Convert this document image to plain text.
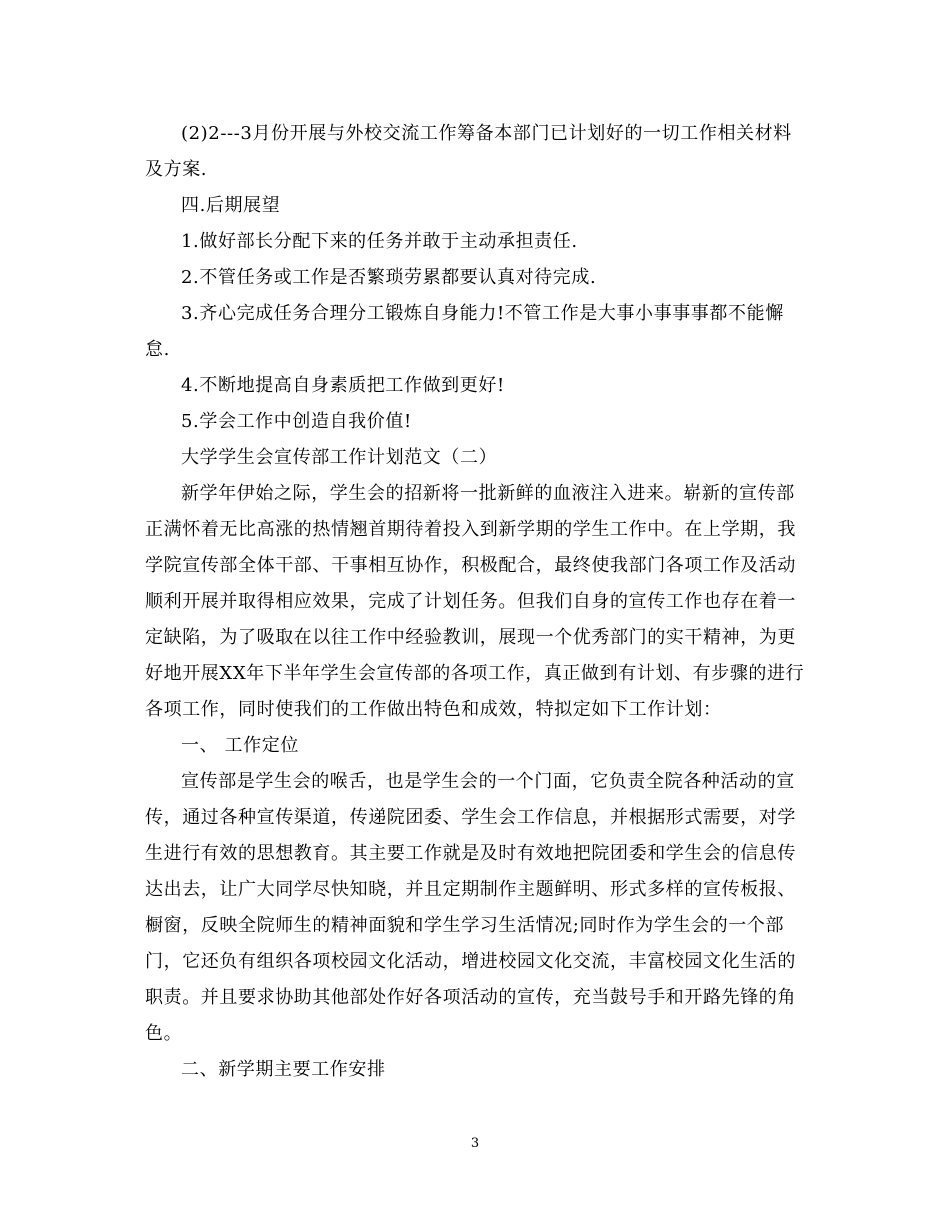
(2)2---3月份开展与外校交流工作筹备本部门已计划好的一切工作相关材料
及方案.
四.后期展望
1.做好部长分配下来的任务并敢于主动承担责任.
2.不管任务或工作是否繁琐劳累都要认真对待完成.
3.齐心完成任务合理分工锻炼自身能力!不管工作是大事小事事事都不能懈
怠.
4.不断地提高自身素质把工作做到更好!
5.学会工作中创造自我价值!
大学学生会宣传部工作计划范文（二）
新学年伊始之际，学生会的招新将一批新鲜的血液注入进来。崭新的宣传部
正满怀着无比高涨的热情翘首期待着投入到新学期的学生工作中。在上学期，我
学院宣传部全体干部、干事相互协作，积极配合，最终使我部门各项工作及活动
顺利开展并取得相应效果，完成了计划任务。但我们自身的宣传工作也存在着一
定缺陷，为了吸取在以往工作中经验教训，展现一个优秀部门的实干精神，为更
好地开展XX年下半年学生会宣传部的各项工作，真正做到有计划、有步骤的进行
各项工作，同时使我们的工作做出特色和成效，特拟定如下工作计划：
一、 工作定位
宣传部是学生会的喉舌，也是学生会的一个门面，它负责全院各种活动的宣
传，通过各种宣传渠道，传递院团委、学生会工作信息，并根据形式需要，对学
生进行有效的思想教育。其主要工作就是及时有效地把院团委和学生会的信息传
达出去，让广大同学尽快知晓，并且定期制作主题鲜明、形式多样的宣传板报、
橱窗，反映全院师生的精神面貌和学生学习生活情况;同时作为学生会的一个部
门，它还负有组织各项校园文化活动，增进校园文化交流，丰富校园文化生活的
职责。并且要求协助其他部处作好各项活动的宣传，充当鼓号手和开路先锋的角
色。
二、新学期主要工作安排
3
